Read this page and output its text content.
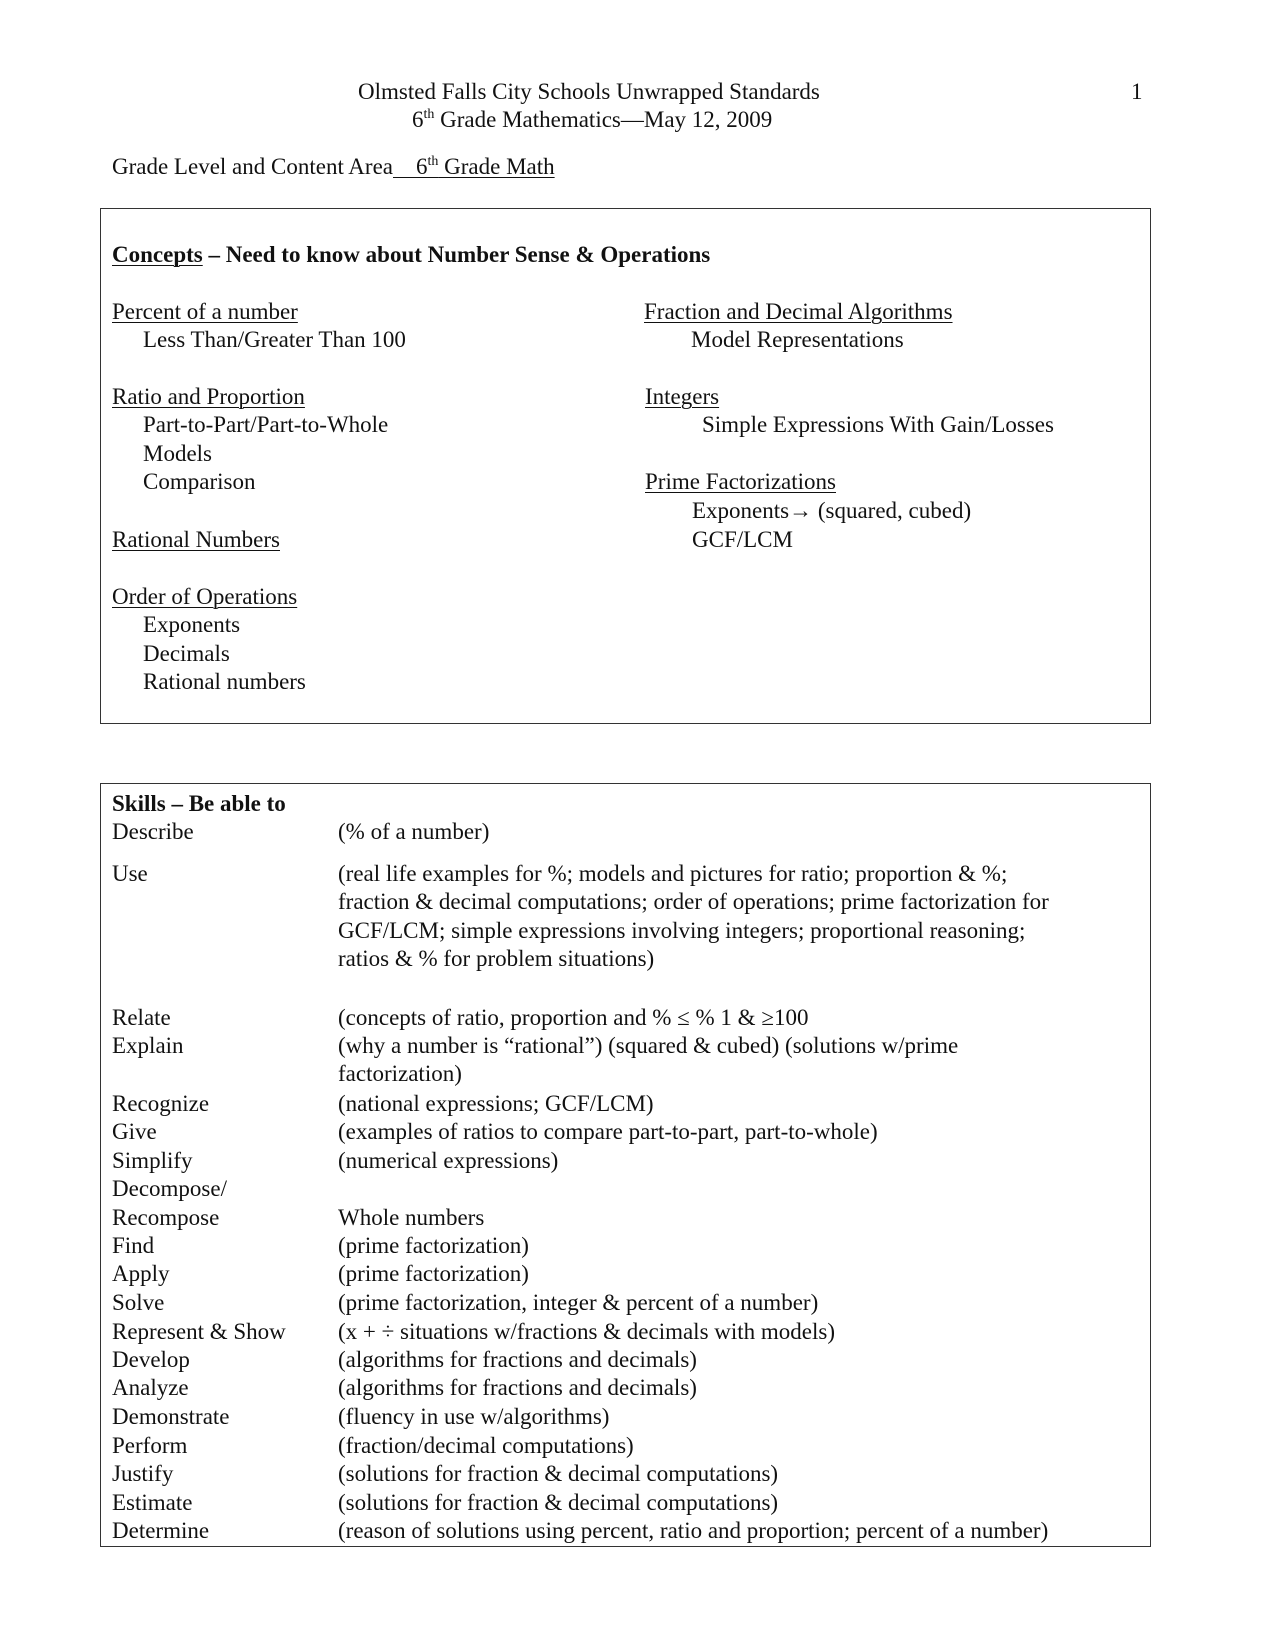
Olmsted Falls City Schools Unwrapped Standards	1
6th Grade Mathematics—May 12, 2009
Grade Level and Content Area 6th Grade Math
Concepts – Need to know about Number Sense & Operations
Percent of a number
Less Than/Greater Than 100
Ratio and Proportion
Part-to-Part/Part-to-Whole
Models
Comparison
Rational Numbers
Order of Operations
Exponents
Decimals
Rational numbers
Fraction and Decimal Algorithms
Model Representations
Integers
Simple Expressions With Gain/Losses
Prime Factorizations
Exponents→ (squared, cubed)
GCF/LCM
Skills – Be able to
Describe	(% of a number)
Use	(real life examples for %; models and pictures for ratio; proportion & %;
fraction & decimal computations; order of operations; prime factorization for
GCF/LCM; simple expressions involving integers; proportional reasoning;
ratios & % for problem situations)
Relate	(concepts of ratio, proportion and % ≤ % 1 & ≥100
Explain	(why a number is “rational”) (squared & cubed) (solutions w/prime
factorization)
Recognize	(national expressions; GCF/LCM)
Give	(examples of ratios to compare part-to-part, part-to-whole)
Simplify	(numerical expressions)
Decompose/
Recompose	Whole numbers
Find	(prime factorization)
Apply	(prime factorization)
Solve	(prime factorization, integer & percent of a number)
Represent & Show (x + ÷ situations w/fractions & decimals with models)
Develop	(algorithms for fractions and decimals)
Analyze	(algorithms for fractions and decimals)
Demonstrate	(fluency in use w/algorithms)
Perform	(fraction/decimal computations)
Justify	(solutions for fraction & decimal computations)
Estimate	(solutions for fraction & decimal computations)
Determine	(reason of solutions using percent, ratio and proportion; percent of a number)
